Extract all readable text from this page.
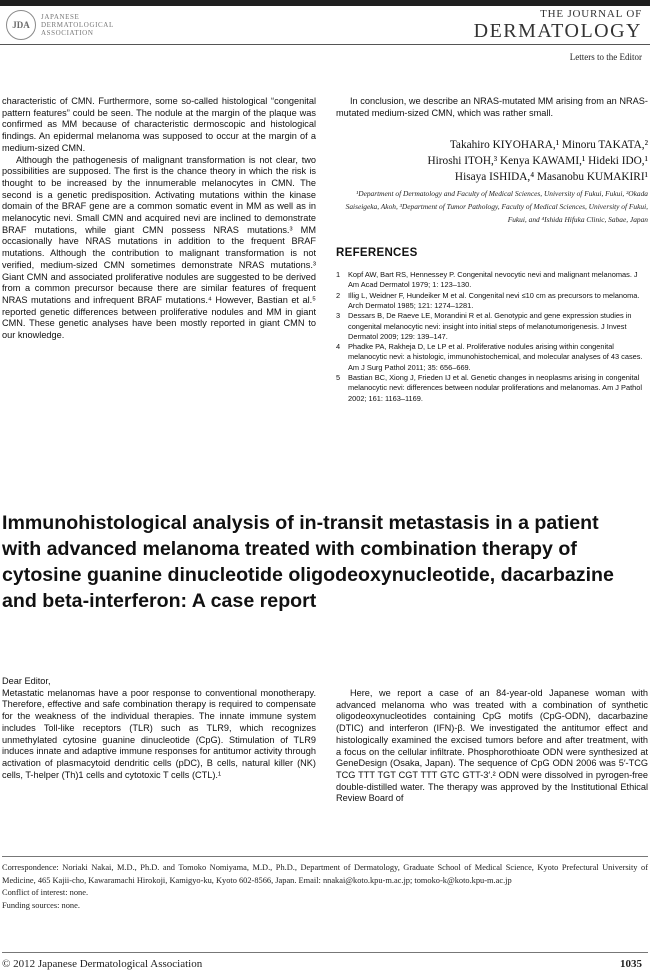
JDA
JAPANESE
DERMATOLOGICAL
ASSOCIATION
THE JOURNAL OF
DERMATOLOGY
Letters to the Editor

characteristic of CMN. Furthermore, some so-called histological “congenital pattern features” could be seen. The nodule at the margin of the plaque was confirmed as MM because of characteristic dermoscopic and histological findings. An epidermal melanoma was supposed to occur at the margin of a medium-sized CMN.

Although the pathogenesis of malignant transformation is not clear, two possibilities are supposed. The first is the chance theory in which the risk is thought to be increased by the innumerable melanocytes in CMN. The second is a genetic predisposition. Activating mutations within the kinase domain of the BRAF gene are a common somatic event in MM as well as in melanocytic nevi. Small CMN and acquired nevi are inclined to demonstrate BRAF mutations, while giant CMN possess NRAS mutations.³ MM occasionally have NRAS mutations in addition to the frequent BRAF mutations. Although the contribution to malignant transformation is not verified, medium-sized CMN sometimes demonstrate NRAS mutations.³ Giant CMN and associated proliferative nodules are suggested to be derived from a common precursor because there are similar features of frequent NRAS mutations and infrequent BRAF mutations.⁴ However, Bastian et al.⁵ reported genetic differences between proliferative nodules and MM in giant CMN. These genetic analyses have been mostly reported in giant CMN to our knowledge.

In conclusion, we describe an NRAS-mutated MM arising from an NRAS-mutated medium-sized CMN, which was rather small.

Takahiro KIYOHARA,¹ Minoru TAKATA,²
Hiroshi ITOH,³ Kenya KAWAMI,¹ Hideki IDO,¹
Hisaya ISHIDA,⁴ Masanobu KUMAKIRI¹
¹Department of Dermatology and Faculty of Medical Sciences, University of Fukui, Fukui, ²Okada Saiseigeka, Akoh, ³Department of Tumor Pathology, Faculty of Medical Sciences, University of Fukui, Fukui, and ⁴Ishida Hifuka Clinic, Sabae, Japan
REFERENCES
1	Kopf AW, Bart RS, Hennessey P. Congenital nevocytic nevi and malignant melanomas. J Am Acad Dermatol 1979; 1: 123–130.
2	Illig L, Weidner F, Hundeiker M et al. Congenital nevi ≤10 cm as precursors to melanoma. Arch Dermatol 1985; 121: 1274–1281.
3	Dessars B, De Raeve LE, Morandini R et al. Genotypic and gene expression studies in congenital melanocytic nevi: insight into initial steps of melanotumorigenesis. J Invest Dermatol 2009; 129: 139–147.
4	Phadke PA, Rakheja D, Le LP et al. Proliferative nodules arising within congenital melanocytic nevi: a histologic, immunohistochemical, and molecular analyses of 43 cases. Am J Surg Pathol 2011; 35: 656–669.
5	Bastian BC, Xiong J, Frieden IJ et al. Genetic changes in neoplasms arising in congenital melanocytic nevi: differences between nodular proliferations and melanomas. Am J Pathol 2002; 161: 1163–1169.
Immunohistological analysis of in-transit metastasis in a patient with advanced melanoma treated with combination therapy of cytosine guanine dinucleotide oligodeoxynucleotide, dacarbazine and beta-interferon: A case report

Dear Editor,

Metastatic melanomas have a poor response to conventional monotherapy. Therefore, effective and safe combination therapy is required to compensate for the weakness of the individual therapies. The innate immune system includes Toll-like receptors (TLR) such as TLR9, which recognizes unmethylated cytosine guanine dinucleotide (CpG). Stimulation of TLR9 induces innate and adaptive immune responses for antitumor activity through activation of plasmacytoid dendritic cells (pDC), B cells, natural killer (NK) cells, T-helper (Th)1 cells and cytotoxic T cells (CTL).¹

Here, we report a case of an 84-year-old Japanese woman with advanced melanoma who was treated with a combination of synthetic oligodeoxynucleotides containing CpG motifs (CpG-ODN), dacarbazine (DTIC) and interferon (IFN)-β. We investigated the antitumor effect and histologically examined the excised tumors before and after treatment, with a focus on the cellular infiltrate. Phosphorothioate ODN were synthesized at GeneDesign (Osaka, Japan). The sequence of CpG ODN 2006 was 5′-TCG TCG TTT TGT CGT TTT GTC GTT-3′.² ODN were dissolved in pyrogen-free double-distilled water. The therapy was approved by the Institutional Ethical Review Board of

Correspondence: Noriaki Nakai, M.D., Ph.D. and Tomoko Nomiyama, M.D., Ph.D., Department of Dermatology, Graduate School of Medical Science, Kyoto Prefectural University of Medicine, 465 Kajii-cho, Kawaramachi Hirokoji, Kamigyo-ku, Kyoto 602-8566, Japan. Email: nnakai@koto.kpu-m.ac.jp; tomoko-k@koto.kpu-m.ac.jp
Conflict of interest: none.
Funding sources: none.
© 2012 Japanese Dermatological Association	1035
